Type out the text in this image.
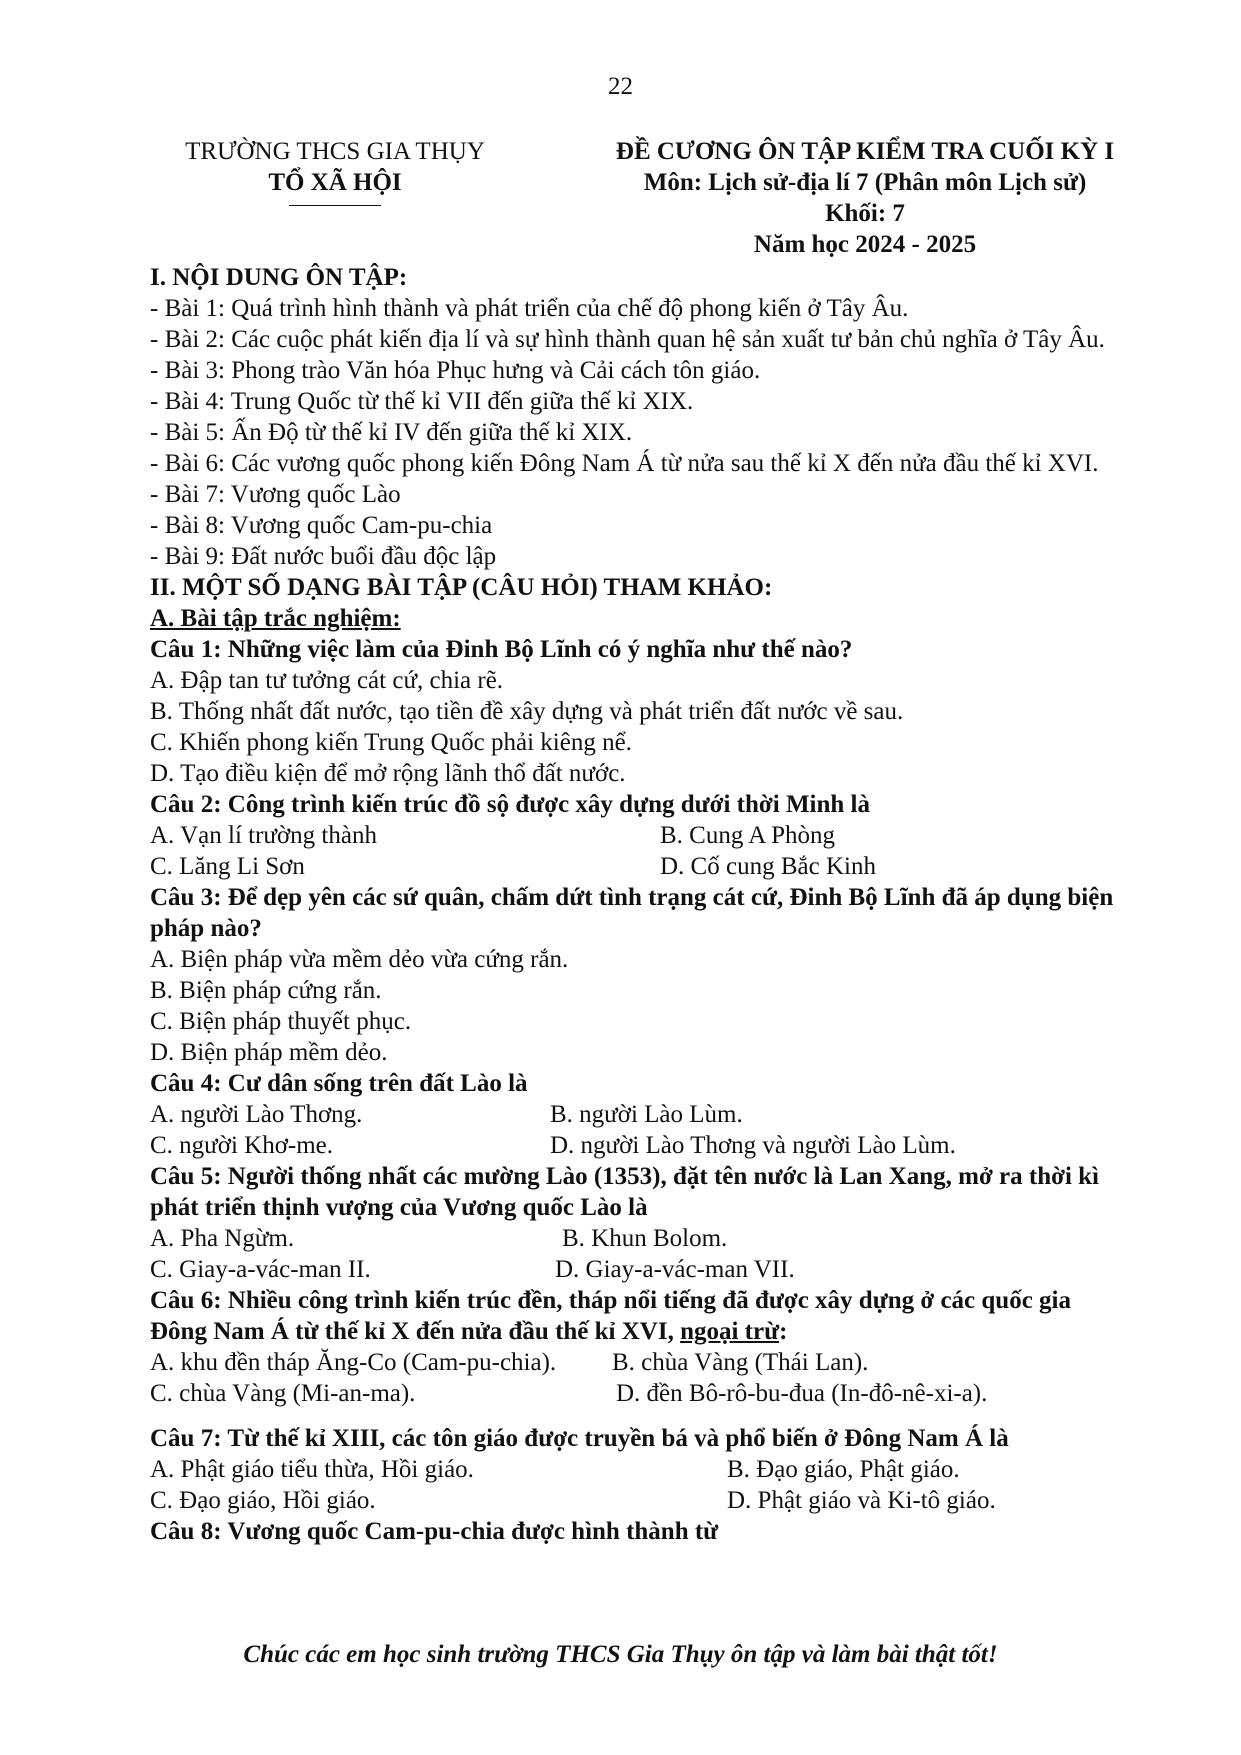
22
TRƯỜNG THCS GIA THỤY
TỔ XÃ HỘI
ĐỀ CƯƠNG ÔN TẬP KIỂM TRA CUỐI KỲ I
Môn: Lịch sử-địa lí 7 (Phân môn Lịch sử)
Khối: 7
Năm học 2024 - 2025

I. NỘI DUNG ÔN TẬP:

- Bài 1: Quá trình hình thành và phát triển của chế độ phong kiến ở Tây Âu.

- Bài 2: Các cuộc phát kiến địa lí và sự hình thành quan hệ sản xuất tư bản chủ nghĩa ở Tây Âu.

- Bài 3: Phong trào Văn hóa Phục hưng và Cải cách tôn giáo.

- Bài 4: Trung Quốc từ thế kỉ VII đến giữa thế kỉ XIX.

- Bài 5: Ấn Độ từ thế kỉ IV đến giữa thế kỉ XIX.

- Bài 6: Các vương quốc phong kiến Đông Nam Á từ nửa sau thế kỉ X đến nửa đầu thế kỉ XVI.

- Bài 7: Vương quốc Lào

- Bài 8: Vương quốc Cam-pu-chia

- Bài 9: Đất nước buổi đầu độc lập

II. MỘT SỐ DẠNG BÀI TẬP (CÂU HỎI) THAM KHẢO:

A. Bài tập trắc nghiệm:

Câu 1: Những việc làm của Đinh Bộ Lĩnh có ý nghĩa như thế nào?

A. Đập tan tư tưởng cát cứ, chia rẽ.

B. Thống nhất đất nước, tạo tiền đề xây dựng và phát triển đất nước về sau.

C. Khiến phong kiến Trung Quốc phải kiêng nể.

D. Tạo điều kiện để mở rộng lãnh thổ đất nước.

Câu 2: Công trình kiến trúc đồ sộ được xây dựng dưới thời Minh là

A. Vạn lí trường thành	B. Cung A Phòng
C. Lăng Li Sơn	D. Cố cung Bắc Kinh

Câu 3: Để dẹp yên các sứ quân, chấm dứt tình trạng cát cứ, Đinh Bộ Lĩnh đã áp dụng biện pháp nào?

A. Biện pháp vừa mềm dẻo vừa cứng rắn.

B. Biện pháp cứng rắn.

C. Biện pháp thuyết phục.

D. Biện pháp mềm dẻo.

Câu 4: Cư dân sống trên đất Lào là

A. người Lào Thơng.	B. người Lào Lùm.
C. người Khơ-me.	D. người Lào Thơng và người Lào Lùm.

Câu 5: Người thống nhất các mường Lào (1353), đặt tên nước là Lan Xang, mở ra thời kì phát triển thịnh vượng của Vương quốc Lào là

A. Pha Ngừm.	B. Khun Bolom.
C. Giay-a-vác-man II.	D. Giay-a-vác-man VII.

Câu 6: Nhiều công trình kiến trúc đền, tháp nổi tiếng đã được xây dựng ở các quốc gia Đông Nam Á từ thế kỉ X đến nửa đầu thế kỉ XVI, ngoại trừ:

A. khu đền tháp Ăng-Co (Cam-pu-chia). B. chùa Vàng (Thái Lan).
C. chùa Vàng (Mi-an-ma).	D. đền Bô-rô-bu-đua (In-đô-nê-xi-a).

Câu 7: Từ thế kỉ XIII, các tôn giáo được truyền bá và phổ biến ở Đông Nam Á là

A. Phật giáo tiểu thừa, Hồi giáo.	B. Đạo giáo, Phật giáo.
C. Đạo giáo, Hồi giáo.	D. Phật giáo và Ki-tô giáo.

Câu 8: Vương quốc Cam-pu-chia được hình thành từ

Chúc các em học sinh trường THCS Gia Thụy ôn tập và làm bài thật tốt!
